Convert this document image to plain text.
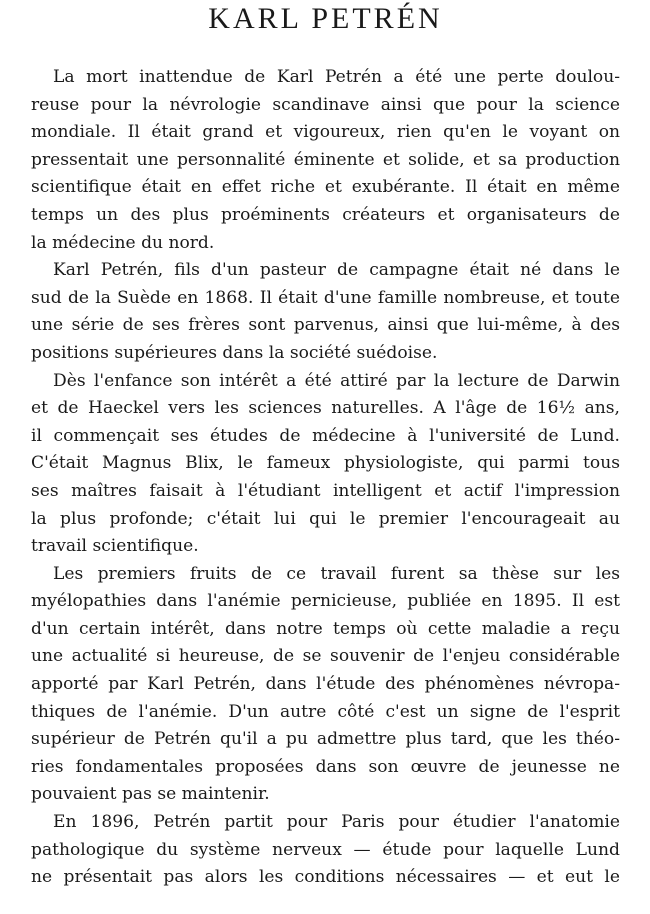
KARL PETRÉN
La mort inattendue de Karl Petrén a été une perte doulou-
reuse pour la névrologie scandinave ainsi que pour la science
mondiale. Il était grand et vigoureux, rien qu'en le voyant on
pressentait une personnalité éminente et solide, et sa production
scientifique était en effet riche et exubérante. Il était en même
temps un des plus proéminents créateurs et organisateurs de
la médecine du nord.
Karl Petrén, fils d'un pasteur de campagne était né dans le
sud de la Suède en 1868. Il était d'une famille nombreuse, et toute
une série de ses frères sont parvenus, ainsi que lui-même, à des
positions supérieures dans la société suédoise.
Dès l'enfance son intérêt a été attiré par la lecture de Darwin
et de Haeckel vers les sciences naturelles. A l'âge de 16½ ans,
il commençait ses études de médecine à l'université de Lund.
C'était Magnus Blix, le fameux physiologiste, qui parmi tous
ses maîtres faisait à l'étudiant intelligent et actif l'impression
la plus profonde; c'était lui qui le premier l'encourageait au
travail scientifique.
Les premiers fruits de ce travail furent sa thèse sur les
myélopathies dans l'anémie pernicieuse, publiée en 1895. Il est
d'un certain intérêt, dans notre temps où cette maladie a reçu
une actualité si heureuse, de se souvenir de l'enjeu considérable
apporté par Karl Petrén, dans l'étude des phénomènes névropa-
thiques de l'anémie. D'un autre côté c'est un signe de l'esprit
supérieur de Petrén qu'il a pu admettre plus tard, que les théo-
ries fondamentales proposées dans son œuvre de jeunesse ne
pouvaient pas se maintenir.
En 1896, Petrén partit pour Paris pour étudier l'anatomie
pathologique du système nerveux — étude pour laquelle Lund
ne présentait pas alors les conditions nécessaires — et eut le
